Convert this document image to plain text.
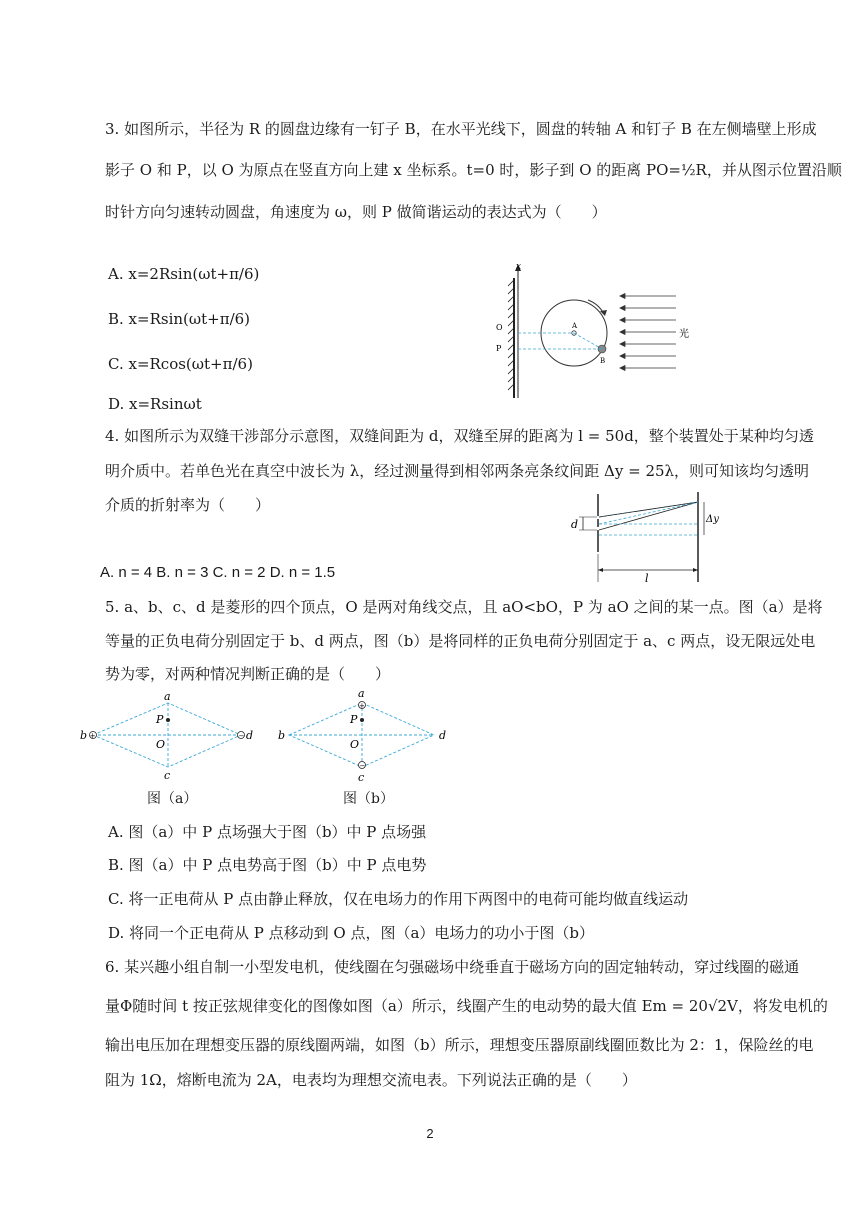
3. 如图所示，半径为 R 的圆盘边缘有一钉子 B，在水平光线下，圆盘的转轴 A 和钉子 B 在左侧墙壁上形成
影子 O 和 P，以 O 为原点在竖直方向上建 x 坐标系。t=0 时，影子到 O 的距离 PO=½R，并从图示位置沿顺
时针方向匀速转动圆盘，角速度为 ω，则 P 做简谐运动的表达式为（　　）
A. x=2Rsin(ωt+π/6)
B. x=Rsin(ωt+π/6)
C. x=Rcos(ωt+π/6)
D. x=Rsinωt
x
O
P
A
B
光
4. 如图所示为双缝干涉部分示意图，双缝间距为 d，双缝至屏的距离为 l = 50d，整个装置处于某种均匀透
明介质中。若单色光在真空中波长为 λ，经过测量得到相邻两条亮条纹间距 Δy = 25λ，则可知该均匀透明
介质的折射率为（　　）
A. n = 4 B. n = 3 C. n = 2 D. n = 1.5
d	Δy
l
5. a、b、c、d 是菱形的四个顶点，O 是两对角线交点，且 aO<bO，P 为 aO 之间的某一点。图（a）是将
等量的正负电荷分别固定于 b、d 两点，图（b）是将同样的正负电荷分别固定于 a、c 两点，设无限远处电
势为零，对两种情况判断正确的是（　　）
+	−
a
b
c
d
P
O
图（a）
+
−
a
b
c
d
P
O
图（b）
A. 图（a）中 P 点场强大于图（b）中 P 点场强
B. 图（a）中 P 点电势高于图（b）中 P 点电势
C. 将一正电荷从 P 点由静止释放，仅在电场力的作用下两图中的电荷可能均做直线运动
D. 将同一个正电荷从 P 点移动到 O 点，图（a）电场力的功小于图（b）
6. 某兴趣小组自制一小型发电机，使线圈在匀强磁场中绕垂直于磁场方向的固定轴转动，穿过线圈的磁通
量Φ随时间 t 按正弦规律变化的图像如图（a）所示，线圈产生的电动势的最大值 Em = 20√2V，将发电机的
输出电压加在理想变压器的原线圈两端，如图（b）所示，理想变压器原副线圈匝数比为 2：1，保险丝的电
阻为 1Ω，熔断电流为 2A，电表均为理想交流电表。下列说法正确的是（　　）
2
